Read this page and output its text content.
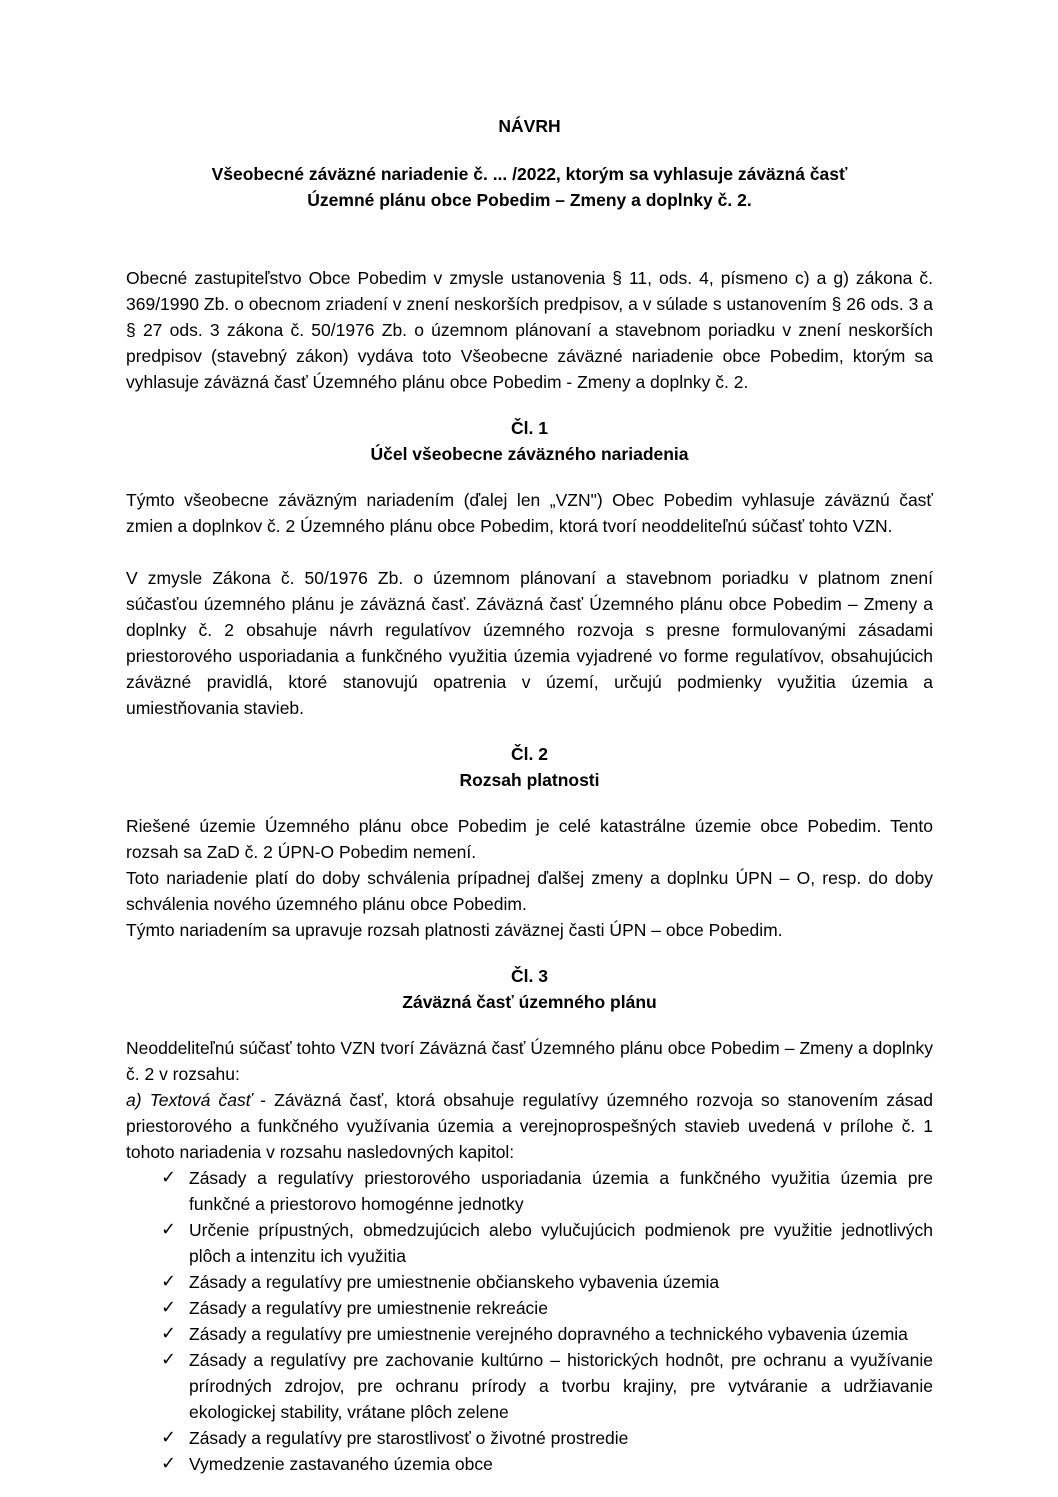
NÁVRH

Všeobecné záväzné nariadenie č. ... /2022, ktorým sa vyhlasuje záväzná časť
Územné plánu obce Pobedim – Zmeny a doplnky č. 2.

Obecné zastupiteľstvo Obce Pobedim v zmysle ustanovenia § 11, ods. 4, písmeno c) a g) zákona č. 369/1990 Zb. o obecnom zriadení v znení neskorších predpisov, a v súlade s ustanovením § 26 ods. 3 a § 27 ods. 3 zákona č. 50/1976 Zb. o územnom plánovaní a stavebnom poriadku v znení neskorších predpisov (stavebný zákon) vydáva toto Všeobecne záväzné nariadenie obce Pobedim, ktorým sa vyhlasuje záväzná časť Územného plánu obce Pobedim - Zmeny a doplnky č. 2.

Čl. 1
Účel všeobecne záväzného nariadenia

Týmto všeobecne záväzným nariadením (ďalej len „VZN") Obec Pobedim vyhlasuje záväznú časť zmien a doplnkov č. 2 Územného plánu obce Pobedim, ktorá tvorí neoddeliteľnú súčasť tohto VZN.

V zmysle Zákona č. 50/1976 Zb. o územnom plánovaní a stavebnom poriadku v platnom znení súčasťou územného plánu je záväzná časť. Záväzná časť Územného plánu obce Pobedim – Zmeny a doplnky č. 2 obsahuje návrh regulatívov územného rozvoja s presne formulovanými zásadami priestorového usporiadania a funkčného využitia územia vyjadrené vo forme regulatívov, obsahujúcich záväzné pravidlá, ktoré stanovujú opatrenia v území, určujú podmienky využitia územia a umiestňovania stavieb.

Čl. 2
Rozsah platnosti

Riešené územie Územného plánu obce Pobedim je celé katastrálne územie obce Pobedim. Tento rozsah sa ZaD č. 2 ÚPN-O Pobedim nemení.

Toto nariadenie platí do doby schválenia prípadnej ďalšej zmeny a doplnku ÚPN – O, resp. do doby schválenia nového územného plánu obce Pobedim.

Týmto nariadením sa upravuje rozsah platnosti záväznej časti ÚPN – obce Pobedim.

Čl. 3
Záväzná časť územného plánu

Neoddeliteľnú súčasť tohto VZN tvorí Záväzná časť Územného plánu obce Pobedim – Zmeny a doplnky č. 2 v rozsahu:

a) Textová časť - Záväzná časť, ktorá obsahuje regulatívy územného rozvoja so stanovením zásad priestorového a funkčného využívania územia a verejnoprospešných stavieb uvedená v prílohe č. 1 tohoto nariadenia v rozsahu nasledovných kapitol:

✓ Zásady a regulatívy priestorového usporiadania územia a funkčného využitia územia pre funkčné a priestorovo homogénne jednotky
✓ Určenie prípustných, obmedzujúcich alebo vylučujúcich podmienok pre využitie jednotlivých plôch a intenzitu ich využitia
✓ Zásady a regulatívy pre umiestnenie občianskeho vybavenia územia
✓ Zásady a regulatívy pre umiestnenie rekreácie
✓ Zásady a regulatívy pre umiestnenie verejného dopravného a technického vybavenia územia
✓ Zásady a regulatívy pre zachovanie kultúrno – historických hodnôt, pre ochranu a využívanie prírodných zdrojov, pre ochranu prírody a tvorbu krajiny, pre vytváranie a udržiavanie ekologickej stability, vrátane plôch zelene
✓ Zásady a regulatívy pre starostlivosť o životné prostredie
✓ Vymedzenie zastavaného územia obce
